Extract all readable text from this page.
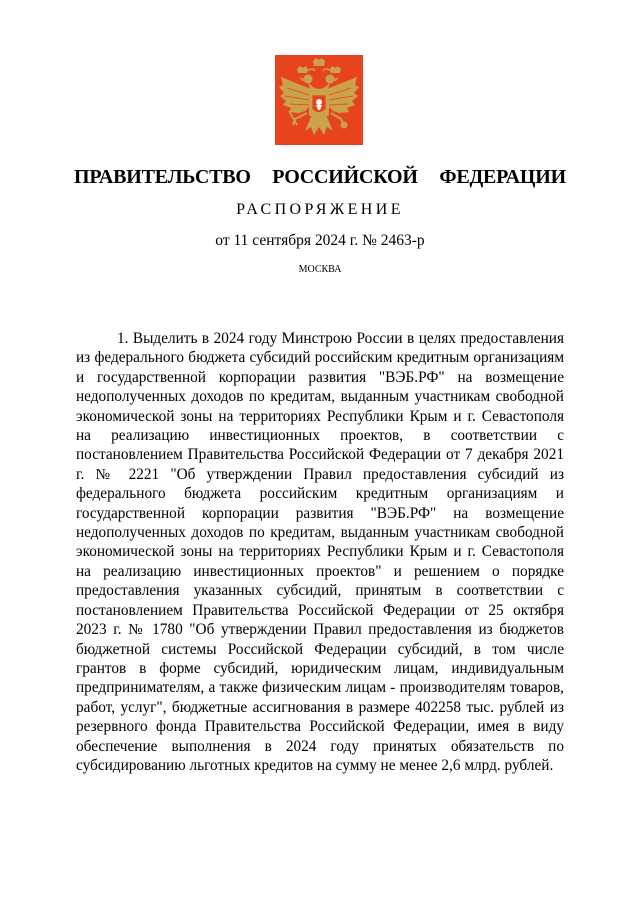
ПРАВИТЕЛЬСТВО  РОССИЙСКОЙ  ФЕДЕРАЦИИ
РАСПОРЯЖЕНИЕ
от 11 сентября 2024 г. № 2463-р
МОСКВА

1. Выделить в 2024 году Минстрою России в целях предоставления из федерального бюджета субсидий российским кредитным организациям и государственной корпорации развития "ВЭБ.РФ" на возмещение недополученных доходов по кредитам, выданным участникам свободной экономической зоны на территориях Республики Крым и г. Севастополя на реализацию инвестиционных проектов, в соответствии с постановлением Правительства Российской Федерации от 7 декабря 2021 г. № 2221 "Об утверждении Правил предоставления субсидий из федерального бюджета российским кредитным организациям и государственной корпорации развития "ВЭБ.РФ" на возмещение недополученных доходов по кредитам, выданным участникам свободной экономической зоны на территориях Республики Крым и г. Севастополя на реализацию инвестиционных проектов" и решением о порядке предоставления указанных субсидий, принятым в соответствии с постановлением Правительства Российской Федерации от 25 октября 2023 г. № 1780 "Об утверждении Правил предоставления из бюджетов бюджетной системы Российской Федерации субсидий, в том числе грантов в форме субсидий, юридическим лицам, индивидуальным предпринимателям, а также физическим лицам - производителям товаров, работ, услуг", бюджетные ассигнования в размере 402258 тыс. рублей из резервного фонда Правительства Российской Федерации, имея в виду обеспечение выполнения в 2024 году принятых обязательств по субсидированию льготных кредитов на сумму не менее 2,6 млрд. рублей.
